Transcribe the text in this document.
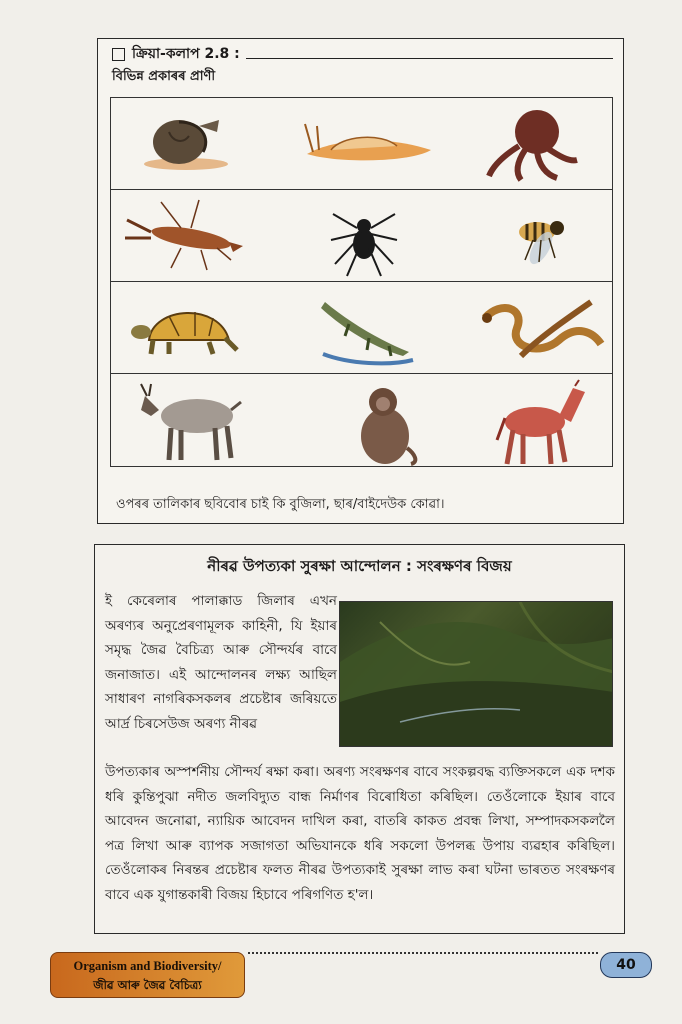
ক্ৰিয়া-কলাপ 2.8 :
বিভিন্ন প্ৰকাৰৰ প্ৰাণী
ওপৰৰ তালিকাৰ ছবিবোৰ চাই কি বুজিলা, ছাৰ/বাইদেউক কোৱা।
নীৰৱ উপত্যকা সুৰক্ষা আন্দোলন : সংৰক্ষণৰ বিজয়
ই কেৰেলাৰ পালাক্কাড জিলাৰ এখন অৰণ্যৰ অনুপ্ৰেৰণামূলক কাহিনী, যি ইয়াৰ সমৃদ্ধ জৈৱ বৈচিত্ৰ্য আৰু সৌন্দৰ্যৰ বাবে জনাজাত। এই আন্দোলনৰ লক্ষ্য আছিল সাধাৰণ নাগৰিকসকলৰ প্ৰচেষ্টাৰ জৰিয়তে আৰ্দ্ৰ চিৰসেউজ অৰণ্য নীৰৱ
উপত্যকাৰ অস্পৰ্শনীয় সৌন্দৰ্য ৰক্ষা কৰা। অৰণ্য সংৰক্ষণৰ বাবে সংকল্পবদ্ধ ব্যক্তিসকলে এক দশক ধৰি কুন্তিপুঝা নদীত জলবিদ্যুত বান্ধ নিৰ্মাণৰ বিৰোধিতা কৰিছিল। তেওঁলোকে ইয়াৰ বাবে আবেদন জনোৱা, ন্যায়িক আবেদন দাখিল কৰা, বাতৰি কাকত প্ৰবন্ধ লিখা, সম্পাদকসকললৈ পত্ৰ লিখা আৰু ব্যাপক সজাগতা অভিযানকে ধৰি সকলো উপলব্ধ উপায় ব্যৱহাৰ কৰিছিল। তেওঁলোকৰ নিৰন্তৰ প্ৰচেষ্টাৰ ফলত নীৰৱ উপত্যকাই সুৰক্ষা লাভ কৰা ঘটনা ভাৰতত সংৰক্ষণৰ বাবে এক যুগান্তকাৰী বিজয় হিচাবে পৰিগণিত হ'ল।
Organism and Biodiversity/
জীৱ আৰু জৈৱ বৈচিত্ৰ্য
40
